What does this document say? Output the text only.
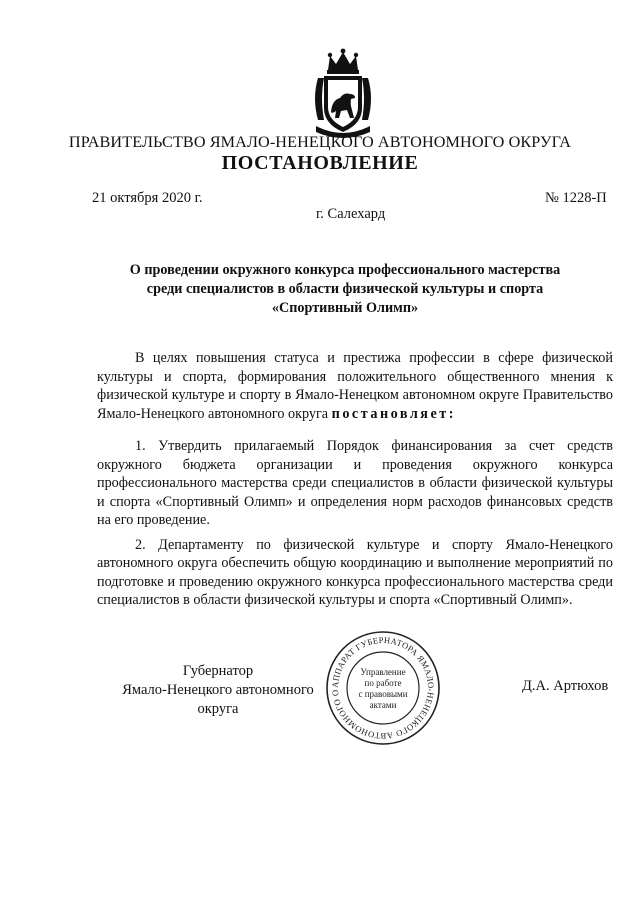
ПРАВИТЕЛЬСТВО ЯМАЛО-НЕНЕЦКОГО АВТОНОМНОГО ОКРУГА
ПОСТАНОВЛЕНИЕ
21 октября 2020 г.	№ 1228-П
г. Салехард
О проведении окружного конкурса профессионального мастерства
среди специалистов в области физической культуры и спорта
«Спортивный Олимп»

В целях повышения статуса и престижа профессии в сфере физической культуры и спорта, формирования положительного общественного мнения к физической культуре и спорту в Ямало-Ненецком автономном округе Правительство Ямало-Ненецкого автономного округа постановляет:

1. Утвердить прилагаемый Порядок финансирования за счет средств окружного бюджета организации и проведения окружного конкурса профессионального мастерства среди специалистов в области физической культуры и спорта «Спортивный Олимп» и определения норм расходов финансовых средств на его проведение.

2. Департаменту по физической культуре и спорту Ямало-Ненецкого автономного округа обеспечить общую координацию и выполнение мероприятий по подготовке и проведению окружного конкурса профессионального мастерства среди специалистов в области физической культуры и спорта «Спортивный Олимп».

Губернатор
Ямало-Ненецкого автономного округа
Д.А. Артюхов
АППАРАТ ГУБЕРНАТОРА ЯМАЛО-НЕНЕЦКОГО АВТОНОМНОГО О
Управление
по работе
с правовыми
актами
